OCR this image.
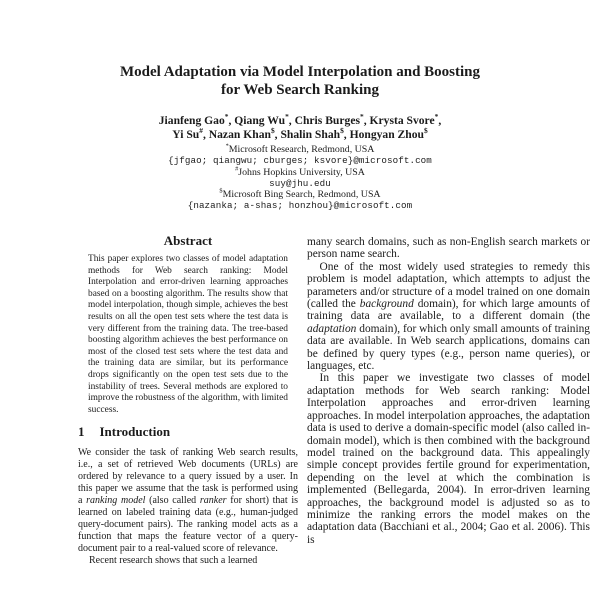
Model Adaptation via Model Interpolation and Boosting
for Web Search Ranking
Jianfeng Gao*, Qiang Wu*, Chris Burges*, Krysta Svore*,
Yi Su#, Nazan Khan$, Shalin Shah$, Hongyan Zhou$
*Microsoft Research, Redmond, USA
{jfgao; qiangwu; cburges; ksvore}@microsoft.com
#Johns Hopkins University, USA
suy@jhu.edu
$Microsoft Bing Search, Redmond, USA
{nazanka; a-shas; honzhou}@microsoft.com
Abstract

This paper explores two classes of model adaptation methods for Web search ranking: Model Interpolation and error-driven learning approaches based on a boosting algorithm. The results show that model interpolation, though simple, achieves the best results on all the open test sets where the test data is very different from the training data. The tree-based boosting algorithm achieves the best performance on most of the closed test sets where the test data and the training data are similar, but its performance drops significantly on the open test sets due to the instability of trees. Several methods are explored to improve the robustness of the algorithm, with limited success.

1 Introduction

We consider the task of ranking Web search results, i.e., a set of retrieved Web documents (URLs) are ordered by relevance to a query issued by a user. In this paper we assume that the task is performed using a ranking model (also called ranker for short) that is learned on labeled training data (e.g., human-judged query-document pairs). The ranking model acts as a function that maps the feature vector of a query-document pair to a real-valued score of relevance.

Recent research shows that such a learned

many search domains, such as non-English search markets or person name search.

One of the most widely used strategies to remedy this problem is model adaptation, which attempts to adjust the parameters and/or structure of a model trained on one domain (called the background domain), for which large amounts of training data are available, to a different domain (the adaptation domain), for which only small amounts of training data are available. In Web search applications, domains can be defined by query types (e.g., person name queries), or languages, etc.

In this paper we investigate two classes of model adaptation methods for Web search ranking: Model Interpolation approaches and error-driven learning approaches. In model interpolation approaches, the adaptation data is used to derive a domain-specific model (also called in-domain model), which is then combined with the background model trained on the background data. This appealingly simple concept provides fertile ground for experimentation, depending on the level at which the combination is implemented (Bellegarda, 2004). In error-driven learning approaches, the background model is adjusted so as to minimize the ranking errors the model makes on the adaptation data (Bacchiani et al., 2004; Gao et al. 2006). This is
